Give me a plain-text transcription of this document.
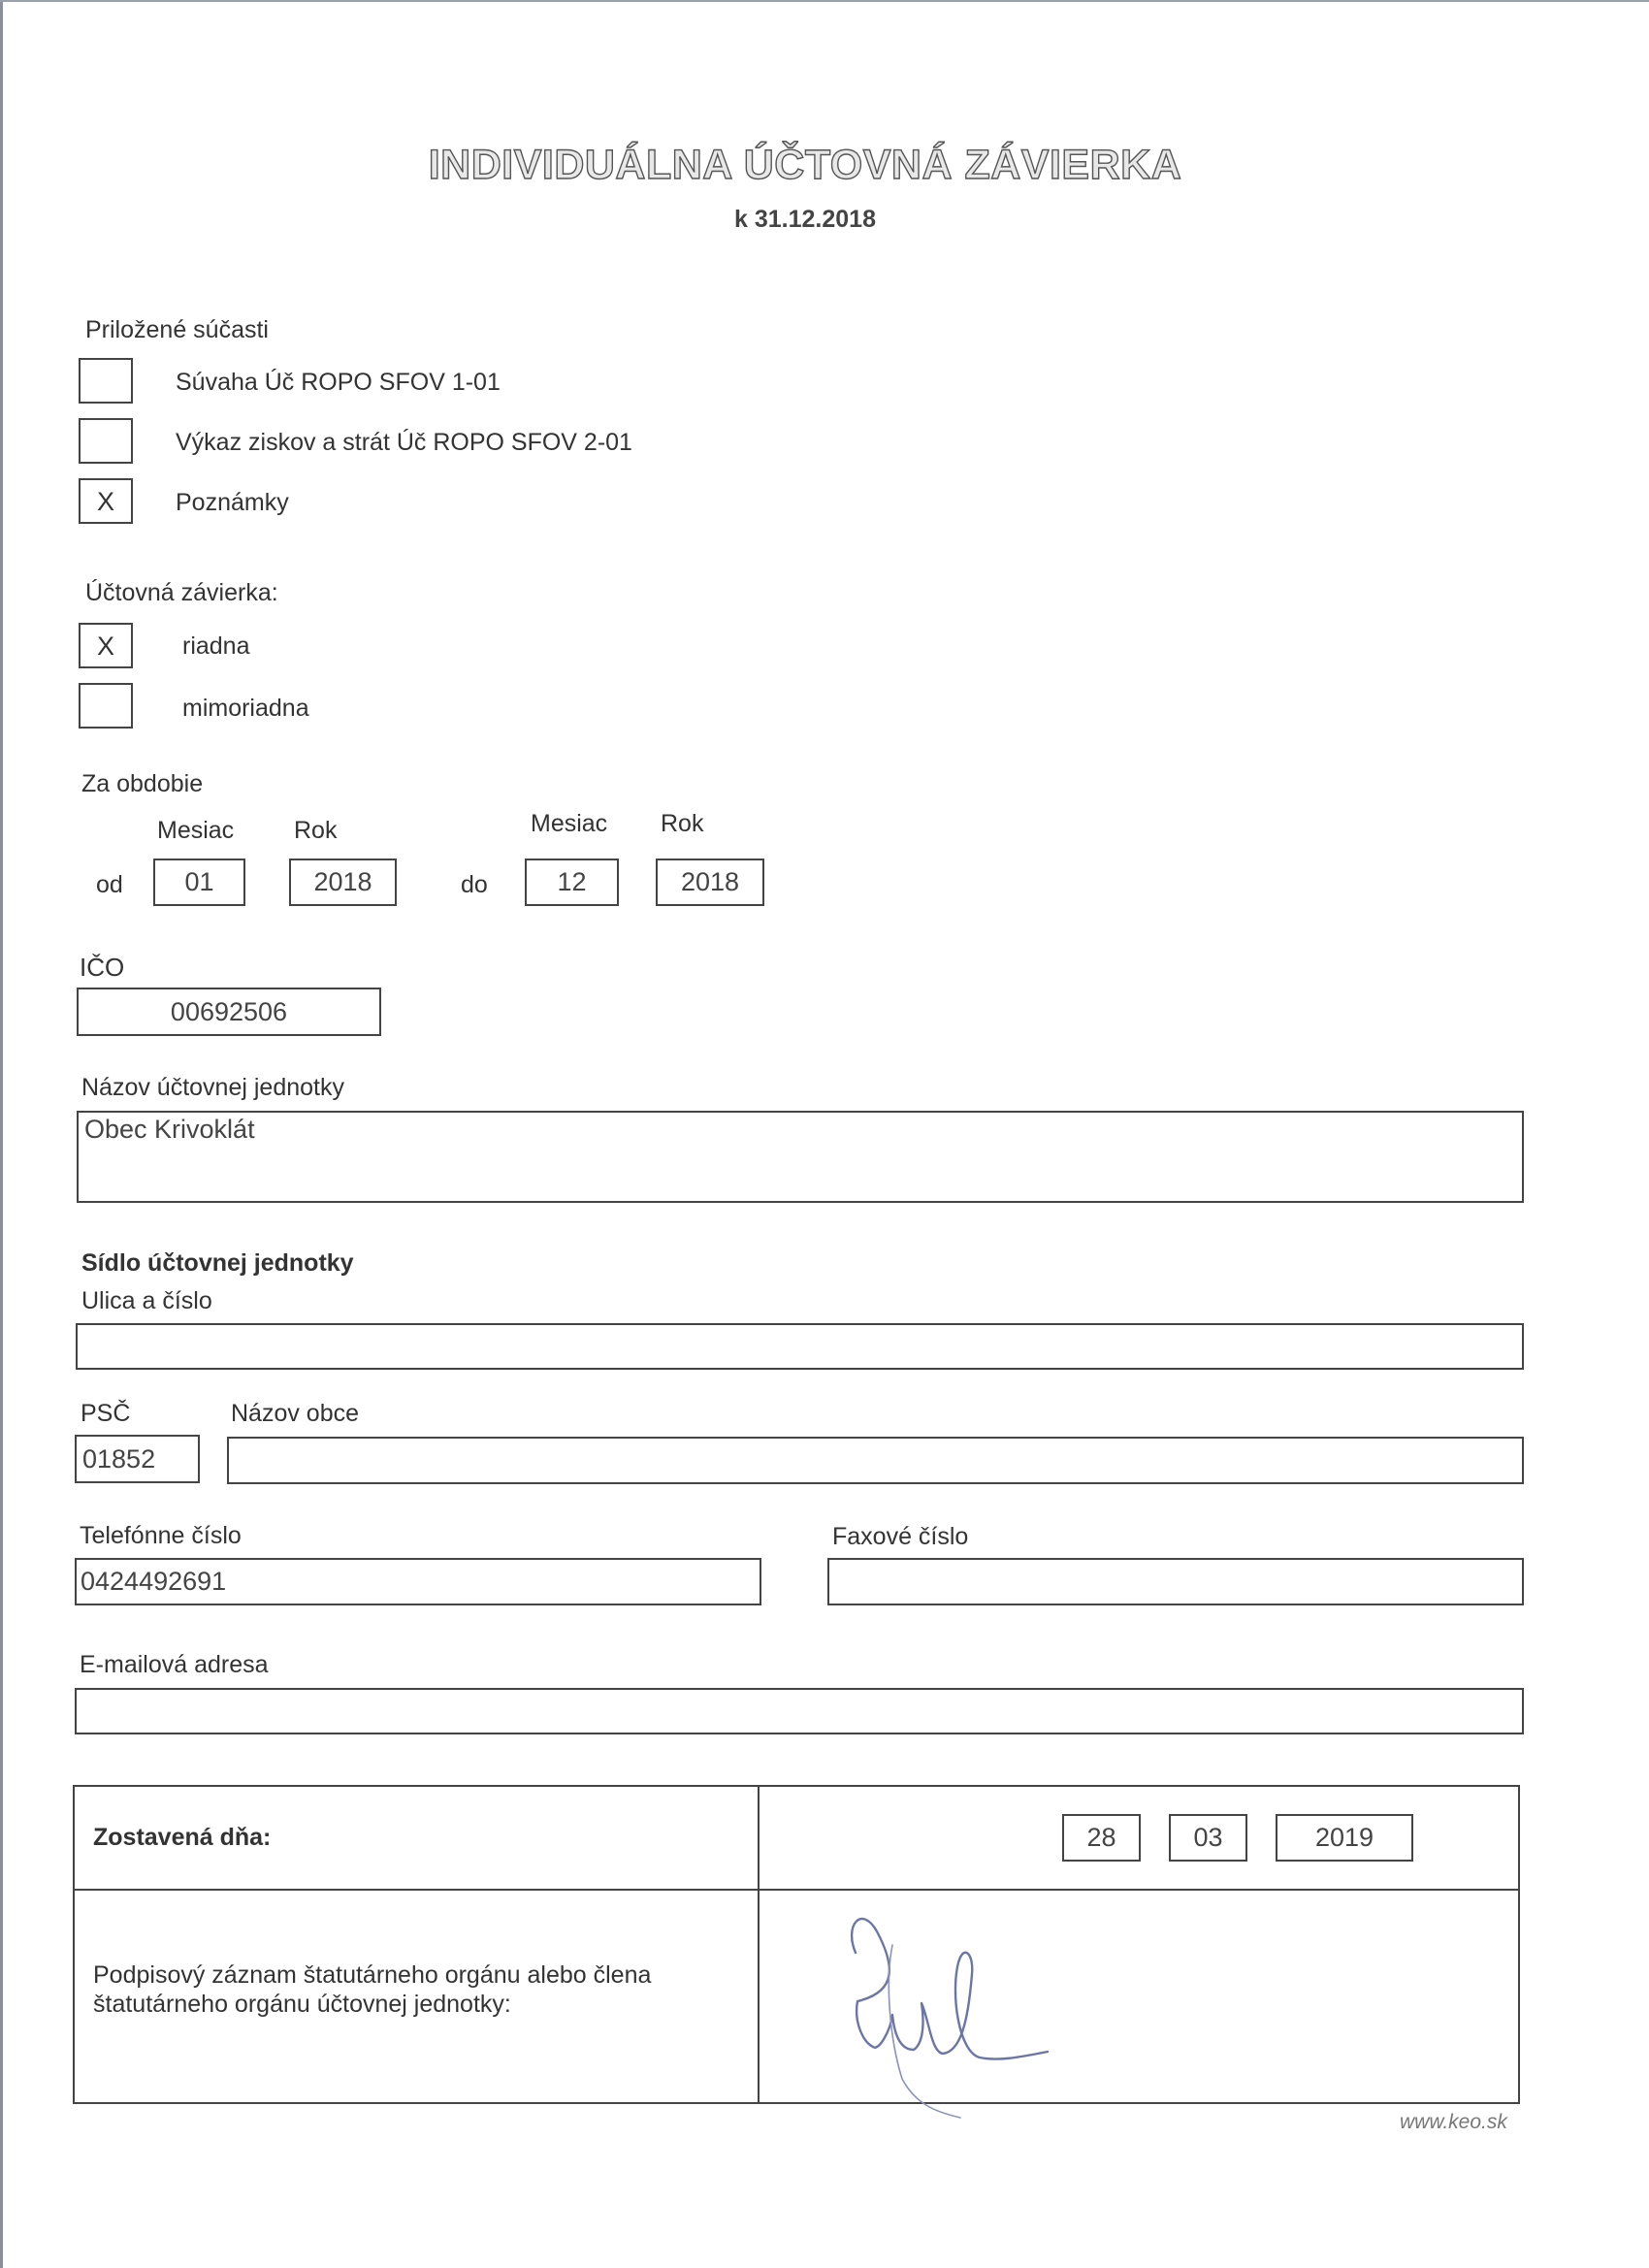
INDIVIDUÁLNA ÚČTOVNÁ ZÁVIERKA
k 31.12.2018
Priložené súčasti
Súvaha Úč ROPO SFOV 1-01
Výkaz ziskov a strát Úč ROPO SFOV 2-01
X	Poznámky
Účtovná závierka:
X	riadna
mimoriadna
Za obdobie
Mesiac Rok	Mesiac Rok
od	01	2018	do	12	2018
IČO
00692506
Názov účtovnej jednotky
Obec Krivoklát
Sídlo účtovnej jednotky
Ulica a číslo
PSČ	Názov obce
01852
Telefónne číslo	Faxové číslo
0424492691
E-mailová adresa
Zostavená dňa:	28	03	2019
Podpisový záznam štatutárneho orgánu alebo člena
štatutárneho orgánu účtovnej jednotky:
www.keo.sk
